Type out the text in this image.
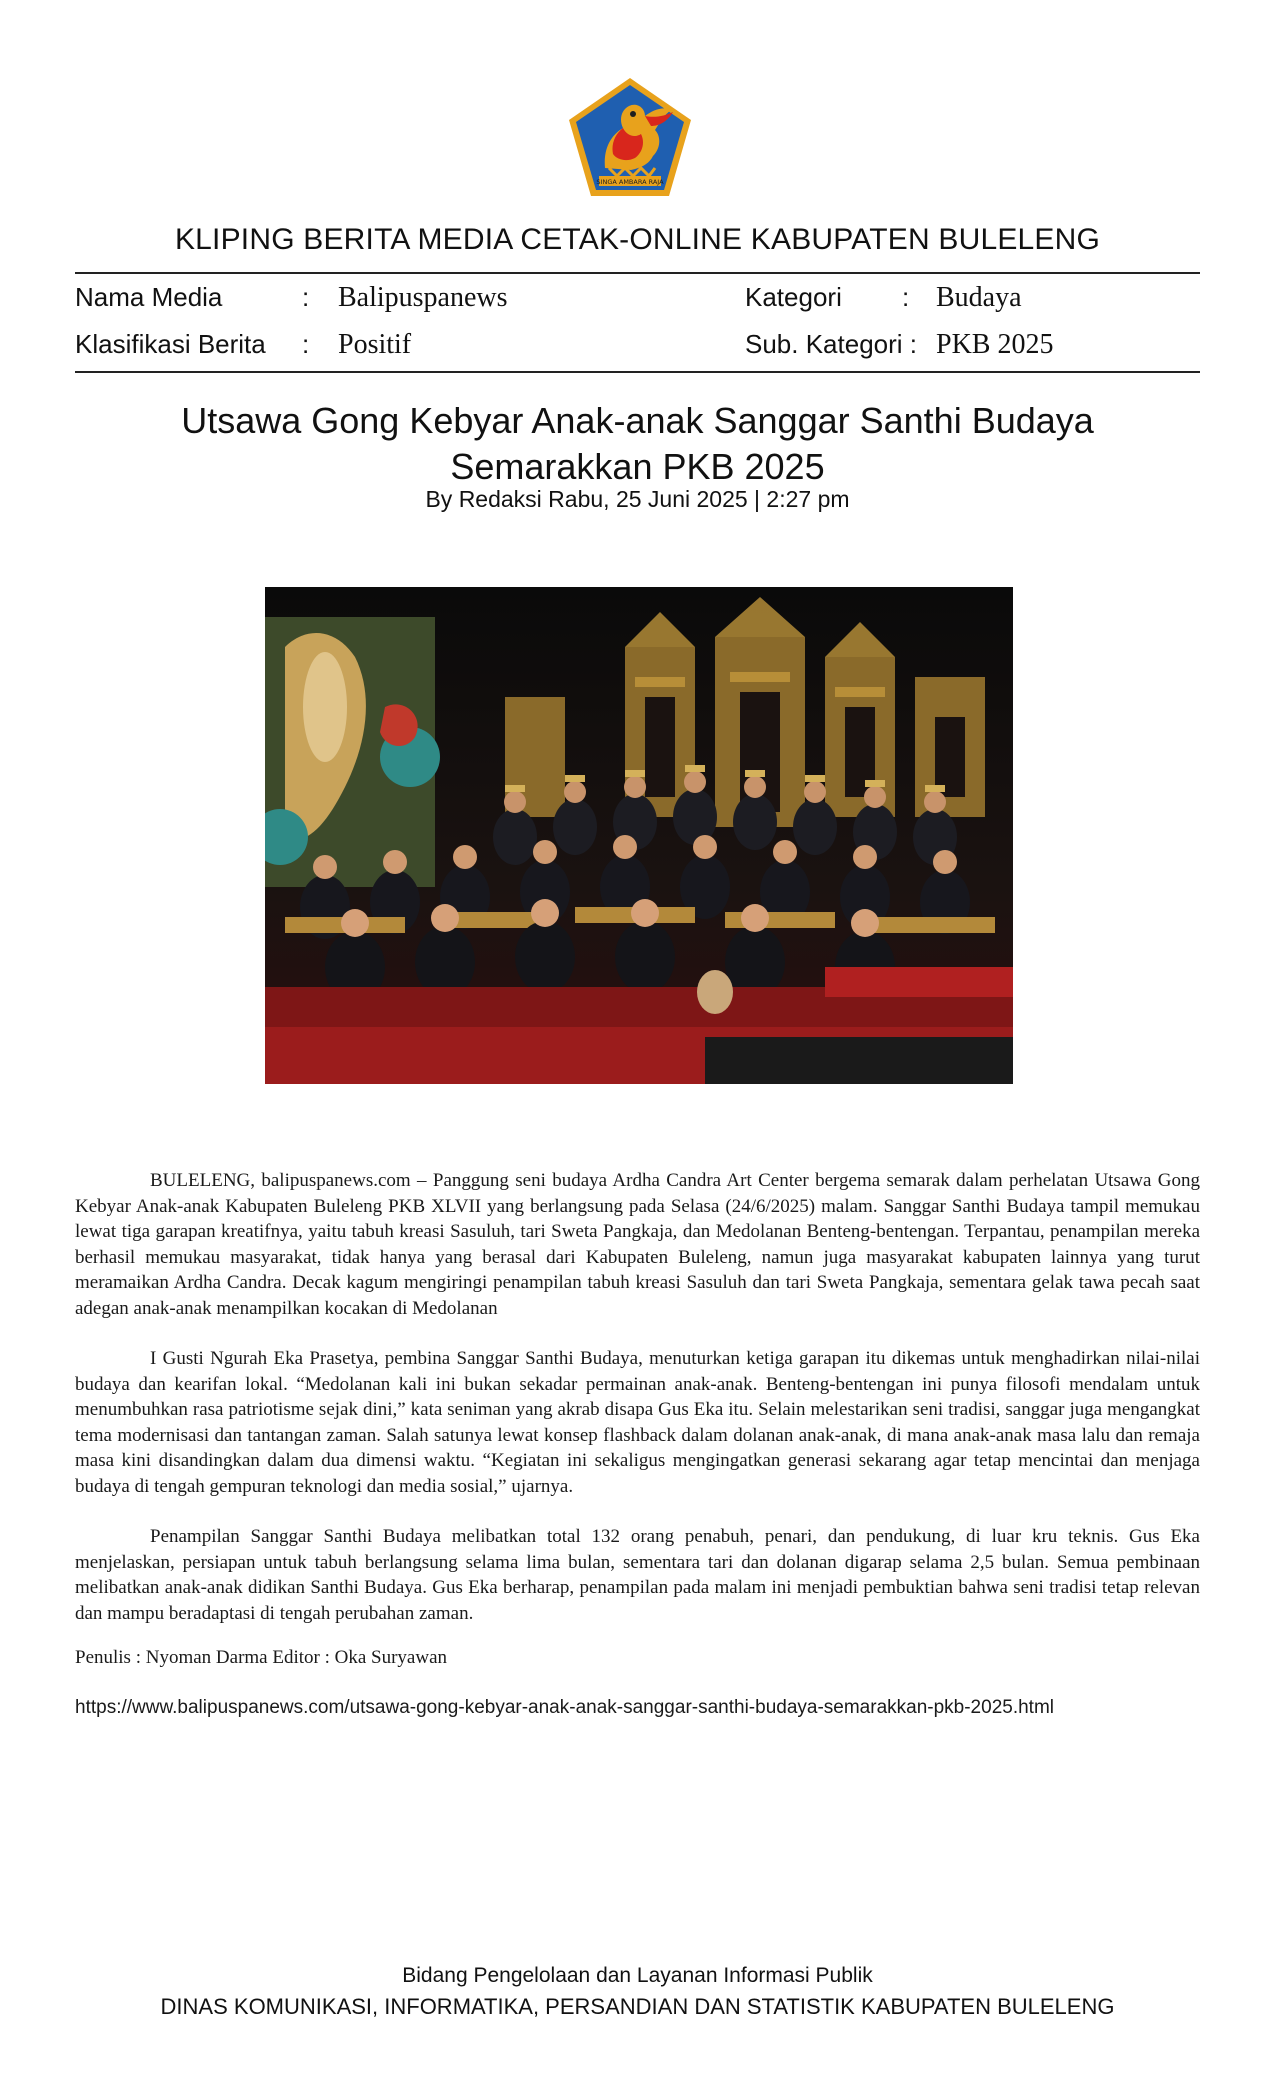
SINGA AMBARA RAJA
KLIPING BERITA MEDIA CETAK-ONLINE KABUPATEN BULELENG
Nama Media	: Balipuspanews	Kategori : Budaya
Klasifikasi Berita : Positif	Sub. Kategori : PKB 2025
Utsawa Gong Kebyar Anak-anak Sanggar Santhi Budaya Semarakkan PKB 2025
By Redaksi Rabu, 25 Juni 2025 | 2:27 pm

BULELENG, balipuspanews.com – Panggung seni budaya Ardha Candra Art Center bergema semarak dalam perhelatan Utsawa Gong Kebyar Anak-anak Kabupaten Buleleng PKB XLVII yang berlangsung pada Selasa (24/6/2025) malam. Sanggar Santhi Budaya tampil memukau lewat tiga garapan kreatifnya, yaitu tabuh kreasi Sasuluh, tari Sweta Pangkaja, dan Medolanan Benteng-bentengan. Terpantau, penampilan mereka berhasil memukau masyarakat, tidak hanya yang berasal dari Kabupaten Buleleng, namun juga masyarakat kabupaten lainnya yang turut meramaikan Ardha Candra. Decak kagum mengiringi penampilan tabuh kreasi Sasuluh dan tari Sweta Pangkaja, sementara gelak tawa pecah saat adegan anak-anak menampilkan kocakan di Medolanan

I Gusti Ngurah Eka Prasetya, pembina Sanggar Santhi Budaya, menuturkan ketiga garapan itu dikemas untuk menghadirkan nilai-nilai budaya dan kearifan lokal. “Medolanan kali ini bukan sekadar permainan anak-anak. Benteng-bentengan ini punya filosofi mendalam untuk menumbuhkan rasa patriotisme sejak dini,” kata seniman yang akrab disapa Gus Eka itu. Selain melestarikan seni tradisi, sanggar juga mengangkat tema modernisasi dan tantangan zaman. Salah satunya lewat konsep flashback dalam dolanan anak-anak, di mana anak-anak masa lalu dan remaja masa kini disandingkan dalam dua dimensi waktu. “Kegiatan ini sekaligus mengingatkan generasi sekarang agar tetap mencintai dan menjaga budaya di tengah gempuran teknologi dan media sosial,” ujarnya.

Penampilan Sanggar Santhi Budaya melibatkan total 132 orang penabuh, penari, dan pendukung, di luar kru teknis. Gus Eka menjelaskan, persiapan untuk tabuh berlangsung selama lima bulan, sementara tari dan dolanan digarap selama 2,5 bulan. Semua pembinaan melibatkan anak-anak didikan Santhi Budaya. Gus Eka berharap, penampilan pada malam ini menjadi pembuktian bahwa seni tradisi tetap relevan dan mampu beradaptasi di tengah perubahan zaman.

Penulis : Nyoman Darma Editor : Oka Suryawan
https://www.balipuspanews.com/utsawa-gong-kebyar-anak-anak-sanggar-santhi-budaya-semarakkan-pkb-2025.html
Bidang Pengelolaan dan Layanan Informasi Publik
DINAS KOMUNIKASI, INFORMATIKA, PERSANDIAN DAN STATISTIK KABUPATEN BULELENG
